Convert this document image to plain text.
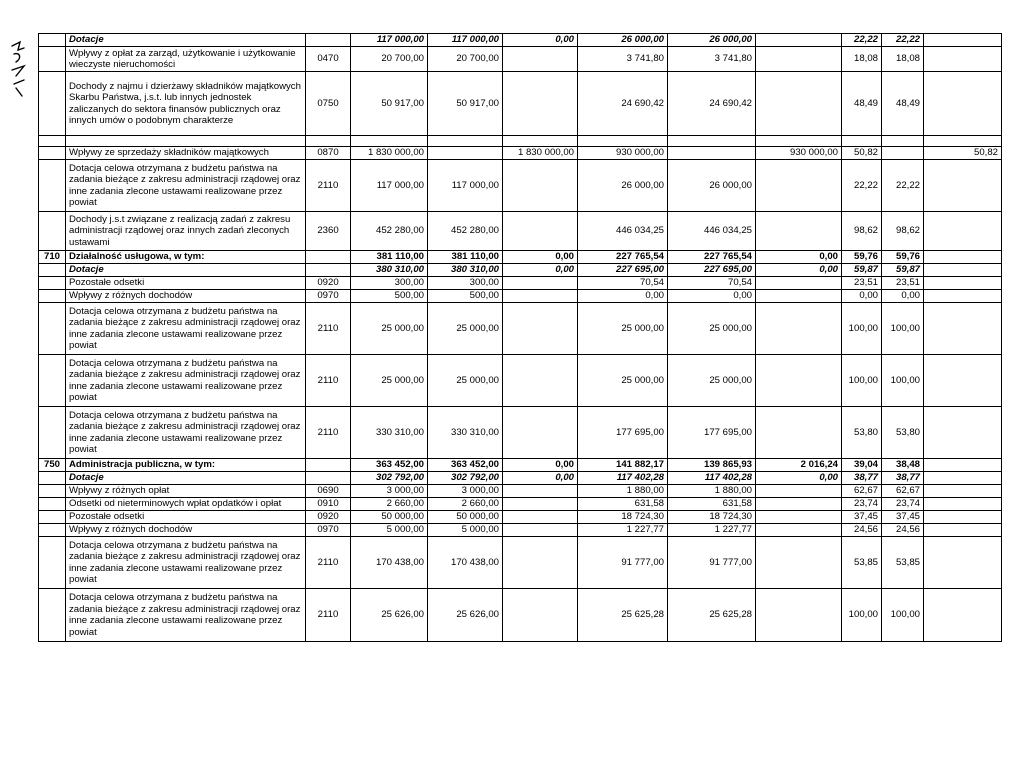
	Dotacje		117 000,00	117 000,00	0,00	26 000,00	26 000,00		22,22	22,22	
	Wpływy z opłat za zarząd, użytkowanie i użytkowanie wieczyste nieruchomości	0470	20 700,00	20 700,00		3 741,80	3 741,80		18,08	18,08	
	Dochody z najmu i dzierżawy składników majątkowych Skarbu Państwa, j.s.t. lub innych jednostek zaliczanych do sektora finansów publicznych oraz innych umów o podobnym charakterze	0750	50 917,00	50 917,00		24 690,42	24 690,42		48,49	48,49	

	Wpływy ze sprzedaży składników majątkowych	0870	1 830 000,00		1 830 000,00	930 000,00		930 000,00	50,82		50,82
	Dotacja celowa otrzymana z budżetu państwa na zadania bieżące z zakresu administracji rządowej oraz inne zadania zlecone ustawami realizowane przez powiat	2110	117 000,00	117 000,00		26 000,00	26 000,00		22,22	22,22	
	Dochody j.s.t związane z realizacją zadań z zakresu administracji rządowej oraz innych zadań zleconych ustawami	2360	452 280,00	452 280,00		446 034,25	446 034,25		98,62	98,62	
710	Działalność usługowa, w tym:		381 110,00	381 110,00	0,00	227 765,54	227 765,54	0,00	59,76	59,76	
	Dotacje		380 310,00	380 310,00	0,00	227 695,00	227 695,00	0,00	59,87	59,87	
	Pozostałe odsetki	0920	300,00	300,00		70,54	70,54		23,51	23,51	
	Wpływy z różnych dochodów	0970	500,00	500,00		0,00	0,00		0,00	0,00	
	Dotacja celowa otrzymana z budżetu państwa na zadania bieżące z zakresu administracji rządowej oraz inne zadania zlecone ustawami realizowane przez powiat	2110	25 000,00	25 000,00		25 000,00	25 000,00		100,00	100,00	
	Dotacja celowa otrzymana z budżetu państwa na zadania bieżące z zakresu administracji rządowej oraz inne zadania zlecone ustawami realizowane przez powiat	2110	25 000,00	25 000,00		25 000,00	25 000,00		100,00	100,00	
	Dotacja celowa otrzymana z budżetu państwa na zadania bieżące z zakresu administracji rządowej oraz inne zadania zlecone ustawami realizowane przez powiat	2110	330 310,00	330 310,00		177 695,00	177 695,00		53,80	53,80	
750	Administracja publiczna, w tym:		363 452,00	363 452,00	0,00	141 882,17	139 865,93	2 016,24	39,04	38,48	
	Dotacje		302 792,00	302 792,00	0,00	117 402,28	117 402,28	0,00	38,77	38,77	
	Wpływy z różnych opłat	0690	3 000,00	3 000,00		1 880,00	1 880,00		62,67	62,67	
	Odsetki od nieterminowych wpłat opdatków i opłat	0910	2 660,00	2 660,00		631,58	631,58		23,74	23,74	
	Pozostałe odsetki	0920	50 000,00	50 000,00		18 724,30	18 724,30		37,45	37,45	
	Wpływy z różnych dochodów	0970	5 000,00	5 000,00		1 227,77	1 227,77		24,56	24,56	
	Dotacja celowa otrzymana z budżetu państwa na zadania bieżące z zakresu administracji rządowej oraz inne zadania zlecone ustawami realizowane przez powiat	2110	170 438,00	170 438,00		91 777,00	91 777,00		53,85	53,85	
	Dotacja celowa otrzymana z budżetu państwa na zadania bieżące z zakresu administracji rządowej oraz inne zadania zlecone ustawami realizowane przez powiat	2110	25 626,00	25 626,00		25 625,28	25 625,28		100,00	100,00	
